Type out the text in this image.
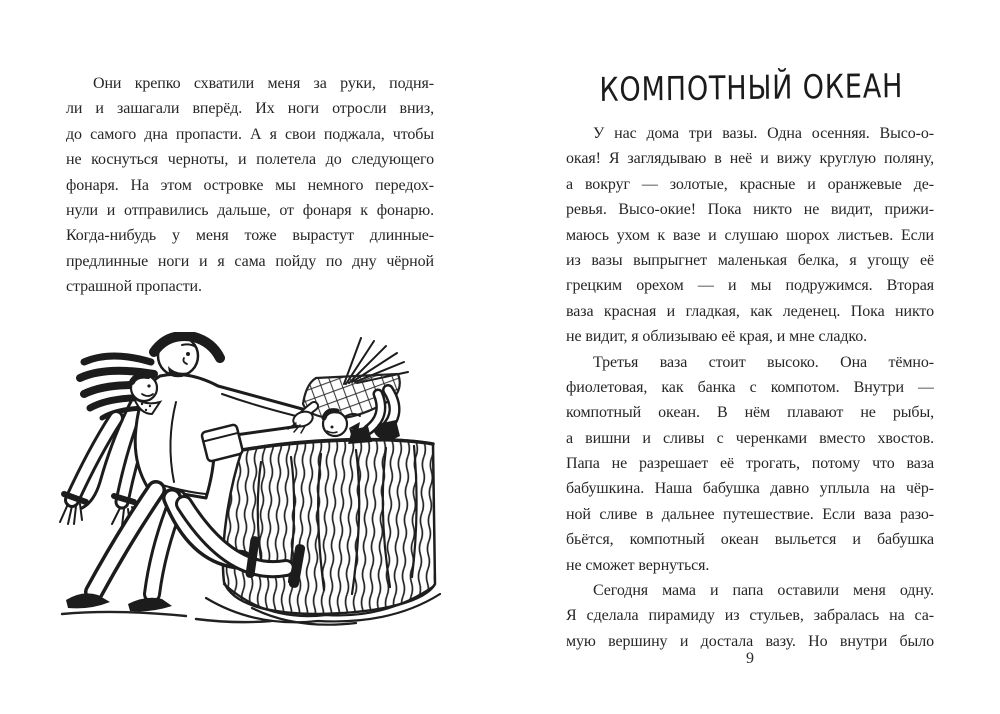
Они крепко схватили меня за руки, подня-
ли и зашагали вперёд. Их ноги отросли вниз,
до самого дна пропасти. А я свои поджала, чтобы
не коснуться черноты, и полетела до следующего
фонаря. На этом островке мы немного передох-
нули и отправились дальше, от фонаря к фонарю.
Когда-нибудь у меня тоже вырастут длинные-
предлинные ноги и я сама пойду по дну чёрной
страшной пропасти.
КОМПОТНЫЙ ОКЕАН
У нас дома три вазы. Одна осенняя. Высо-о-
окая! Я заглядываю в неё и вижу круглую поляну,
а вокруг — золотые, красные и оранжевые де-
ревья. Высо-окие! Пока никто не видит, прижи-
маюсь ухом к вазе и слушаю шорох листьев. Если
из вазы выпрыгнет маленькая белка, я угощу её
грецким орехом — и мы подружимся. Вторая
ваза красная и гладкая, как леденец. Пока никто
не видит, я облизываю её края, и мне сладко.
Третья ваза стоит высоко. Она тёмно-
фиолетовая, как банка с компотом. Внутри —
компотный океан. В нём плавают не рыбы,
а вишни и сливы с черенками вместо хвостов.
Папа не разрешает её трогать, потому что ваза
бабушкина. Наша бабушка давно уплыла на чёр-
ной сливе в дальнее путешествие. Если ваза разо-
бьётся, компотный океан выльется и бабушка
не сможет вернуться.
Сегодня мама и папа оставили меня одну.
Я сделала пирамиду из стульев, забралась на са-
мую вершину и достала вазу. Но внутри было
9
